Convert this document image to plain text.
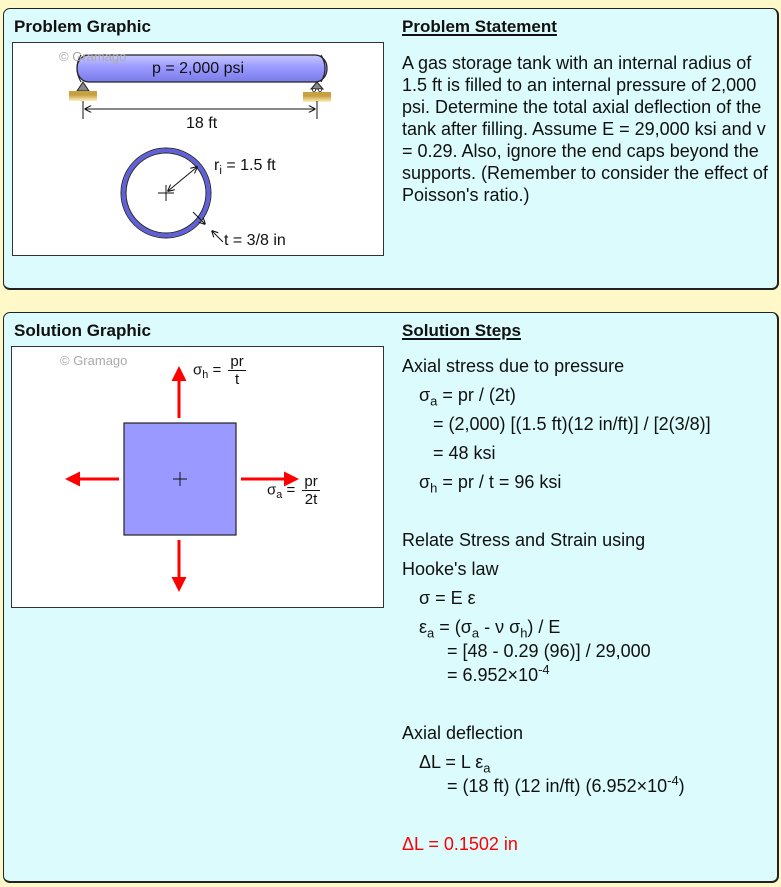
Problem Graphic
© Gramago
p = 2,000 psi
18 ft
$r_i = 1.5$ ft
t = 3/8 in
Problem Statement
A gas storage tank with an internal radius of 1.5 ft is filled to an internal pressure of 2,000 psi. Determine the total axial deflection of the tank after filling. Assume E = 29,000 ksi and v = 0.29. Also, ignore the end caps beyond the supports. (Remember to consider the effect of Poisson's ratio.)
Solution Graphic
© Gramago
$\sigma_h = \frac{pr}{t}$
$\sigma_a = \frac{pr}{2t}$
Solution Steps
Axial stress due to pressure
$\sigma_a$ = pr / (2t)
= (2,000) [(1.5 ft)(12 in/ft)] / [2(3/8)]
= 48 ksi
$\sigma_h$ = pr / t = 96 ksi
Relate Stress and Strain using
Hooke's law
σ = E ε
$\varepsilon_a = (\sigma_a - \nu$ $\sigma_h$) / E
= [48 - 0.29 (96)] / 29,000
= $6.952\times 10^{-4}$
Axial deflection
ΔL = L $\varepsilon_a$
= (18 ft) (12 in/ft) $(6.952\times 10^{-4})$
ΔL = 0.1502 in
